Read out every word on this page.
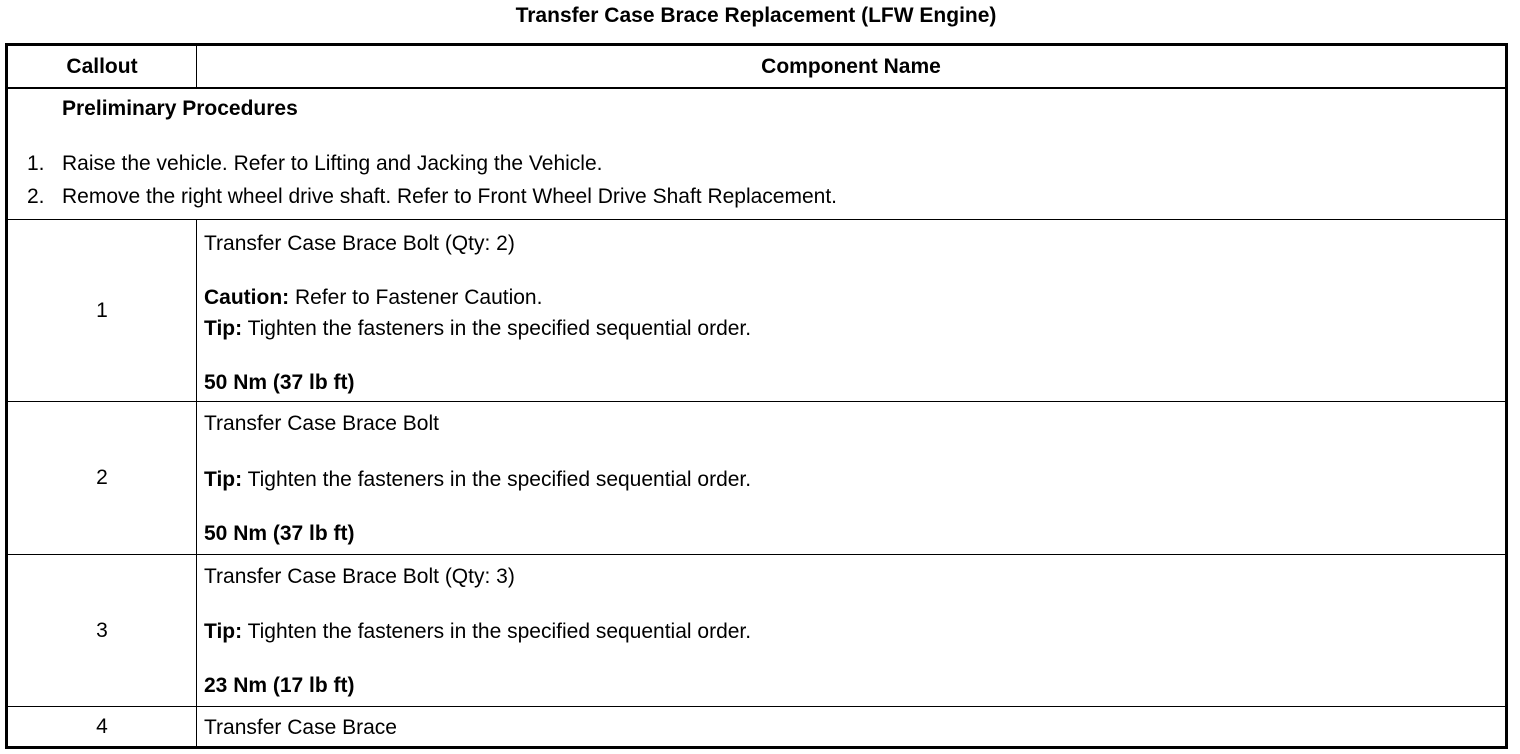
Transfer Case Brace Replacement (LFW Engine)
Callout	Component Name
Preliminary Procedures
1. Raise the vehicle. Refer to Lifting and Jacking the Vehicle.
2. Remove the right wheel drive shaft. Refer to Front Wheel Drive Shaft Replacement.
1
Transfer Case Brace Bolt (Qty: 2)
Caution: Refer to Fastener Caution.
Tip: Tighten the fasteners in the specified sequential order.
50 Nm (37 lb ft)
2
Transfer Case Brace Bolt
Tip: Tighten the fasteners in the specified sequential order.
50 Nm (37 lb ft)
3
Transfer Case Brace Bolt (Qty: 3)
Tip: Tighten the fasteners in the specified sequential order.
23 Nm (17 lb ft)
4	Transfer Case Brace
